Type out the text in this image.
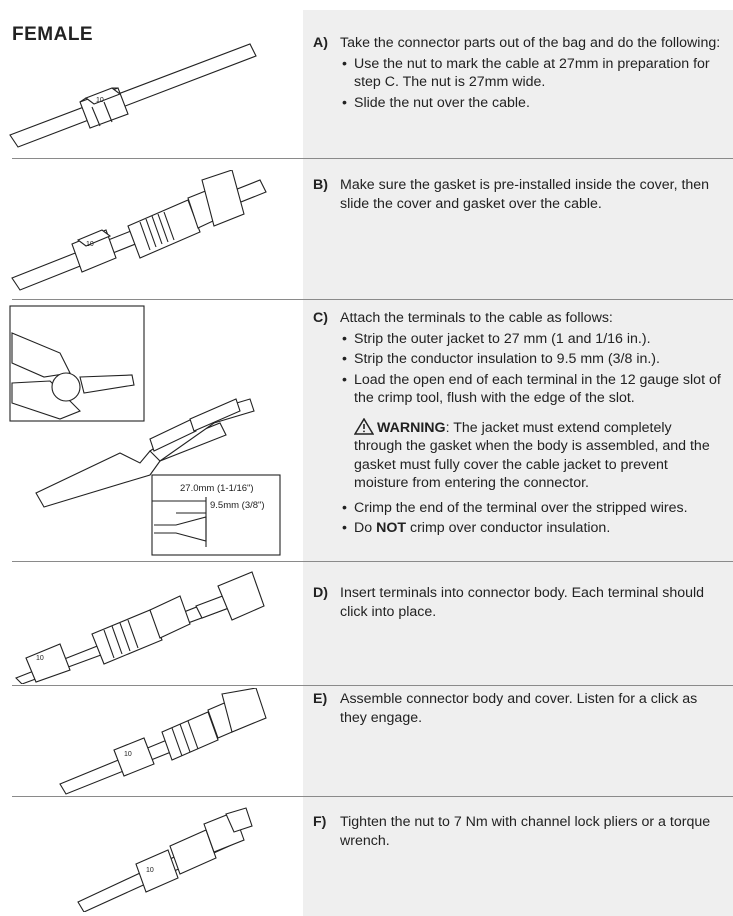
FEMALE
10
10
27.0mm (1-1/16")
9.5mm (3/8")
10
10
10
A) Take the connector parts out of the bag and do the following:
• Use the nut to mark the cable at 27mm in preparation for step C. The nut is 27mm wide.
• Slide the nut over the cable.
B) Make sure the gasket is pre-installed inside the cover, then slide the cover and gasket over the cable.
C) Attach the terminals to the cable as follows:
• Strip the outer jacket to 27 mm (1 and 1/16 in.).
• Strip the conductor insulation to 9.5 mm (3/8 in.).
• Load the open end of each terminal in the 12 gauge slot of the crimp tool, flush with the edge of the slot.
WARNING: The jacket must extend completely through the gasket when the body is assembled, and the gasket must fully cover the cable jacket to prevent moisture from entering the connector.
• Crimp the end of the terminal over the stripped wires.
• Do NOT crimp over conductor insulation.
D) Insert terminals into connector body. Each terminal should click into place.
E) Assemble connector body and cover. Listen for a click as they engage.
F) Tighten the nut to 7 Nm with channel lock pliers or a torque wrench.
